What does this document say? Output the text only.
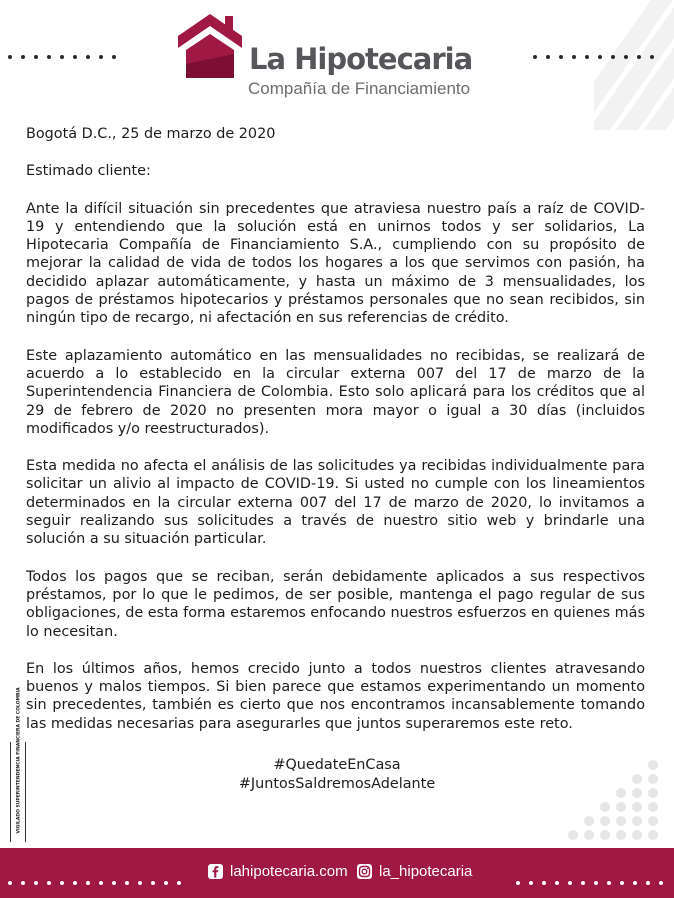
La Hipotecaria
Compañía de Financiamiento

Bogotá D.C., 25 de marzo de 2020

Estimado cliente:

Ante la difícil situación sin precedentes que atraviesa nuestro país a raíz de COVID-19 y entendiendo que la solución está en unirnos todos y ser solidarios, La Hipotecaria Compañía de Financiamiento S.A., cumpliendo con su propósito de mejorar la calidad de vida de todos los hogares a los que servimos con pasión, ha decidido aplazar automáticamente, y hasta un máximo de 3 mensualidades, los pagos de préstamos hipotecarios y préstamos personales que no sean recibidos, sin ningún tipo de recargo, ni afectación en sus referencias de crédito.

Este aplazamiento automático en las mensualidades no recibidas, se realizará de acuerdo a lo establecido en la circular externa 007 del 17 de marzo de la Superintendencia Financiera de Colombia. Esto solo aplicará para los créditos que al 29 de febrero de 2020 no presenten mora mayor o igual a 30 días (incluidos modificados y/o reestructurados).

Esta medida no afecta el análisis de las solicitudes ya recibidas individualmente para solicitar un alivio al impacto de COVID-19. Si usted no cumple con los lineamientos determinados en la circular externa 007 del 17 de marzo de 2020, lo invitamos a seguir realizando sus solicitudes a través de nuestro sitio web y brindarle una solución a su situación particular.

Todos los pagos que se reciban, serán debidamente aplicados a sus respectivos préstamos, por lo que le pedimos, de ser posible, mantenga el pago regular de sus obligaciones, de esta forma estaremos enfocando nuestros esfuerzos en quienes más lo necesitan.

En los últimos años, hemos crecido junto a todos nuestros clientes atravesando buenos y malos tiempos. Si bien parece que estamos experimentando un momento sin precedentes, también es cierto que nos encontramos incansablemente tomando las medidas necesarias para asegurarles que juntos superaremos este reto.

#QuedateEnCasa
#JuntosSaldremosAdelante
VIGILADO SUPERINTENDENCIA FINANCIERA DE COLOMBIA
lahipotecaria.com la_hipotecaria
